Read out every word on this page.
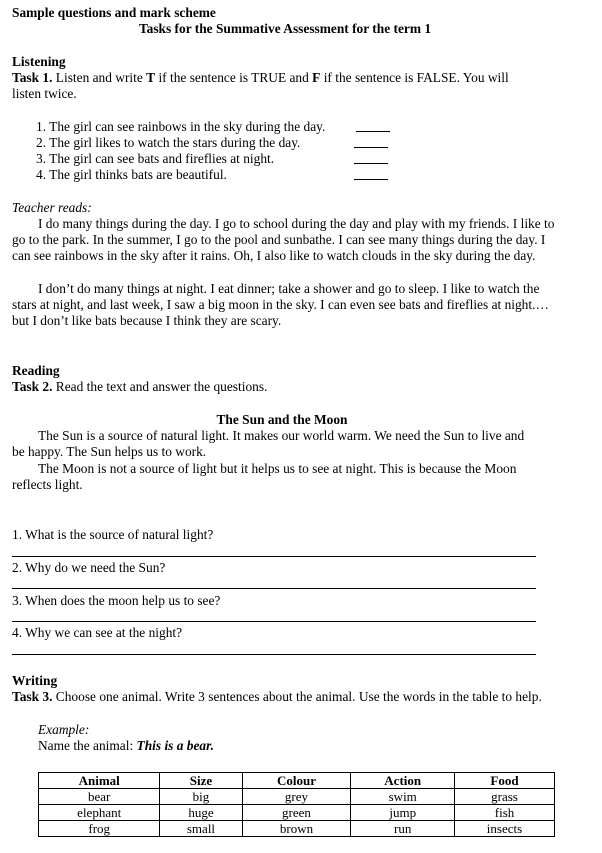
Sample questions and mark scheme
Tasks for the Summative Assessment for the term 1
Listening
Task 1. Listen and write T if the sentence is TRUE and F if the sentence is FALSE. You will
listen twice.
1. The girl can see rainbows in the sky during the day.
2. The girl likes to watch the stars during the day.
3. The girl can see bats and fireflies at night.
4. The girl thinks bats are beautiful.
Teacher reads:
I do many things during the day. I go to school during the day and play with my friends. I like to go to the park. In the summer, I go to the pool and sunbathe. I can see many things during the day. I can see rainbows in the sky after it rains. Oh, I also like to watch clouds in the sky during the day.
I don’t do many things at night. I eat dinner; take a shower and go to sleep. I like to watch the stars at night, and last week, I saw a big moon in the sky. I can even see bats and fireflies at night.…but I don’t like bats because I think they are scary.
Reading
Task 2. Read the text and answer the questions.
The Sun and the Moon
The Sun is a source of natural light. It makes our world warm. We need the Sun to live and be happy. The Sun helps us to work.
The Moon is not a source of light but it helps us to see at night. This is because the Moon reflects light.
1. What is the source of natural light?
2. Why do we need the Sun?
3. When does the moon help us to see?
4. Why we can see at the night?
Writing
Task 3. Choose one animal. Write 3 sentences about the animal. Use the words in the table to help.
Example:
Name the animal: This is a bear.
Animal	Size	Colour	Action	Food
bear	big	grey	swim	grass
elephant	huge	green	jump	fish
frog	small	brown	run	insects
